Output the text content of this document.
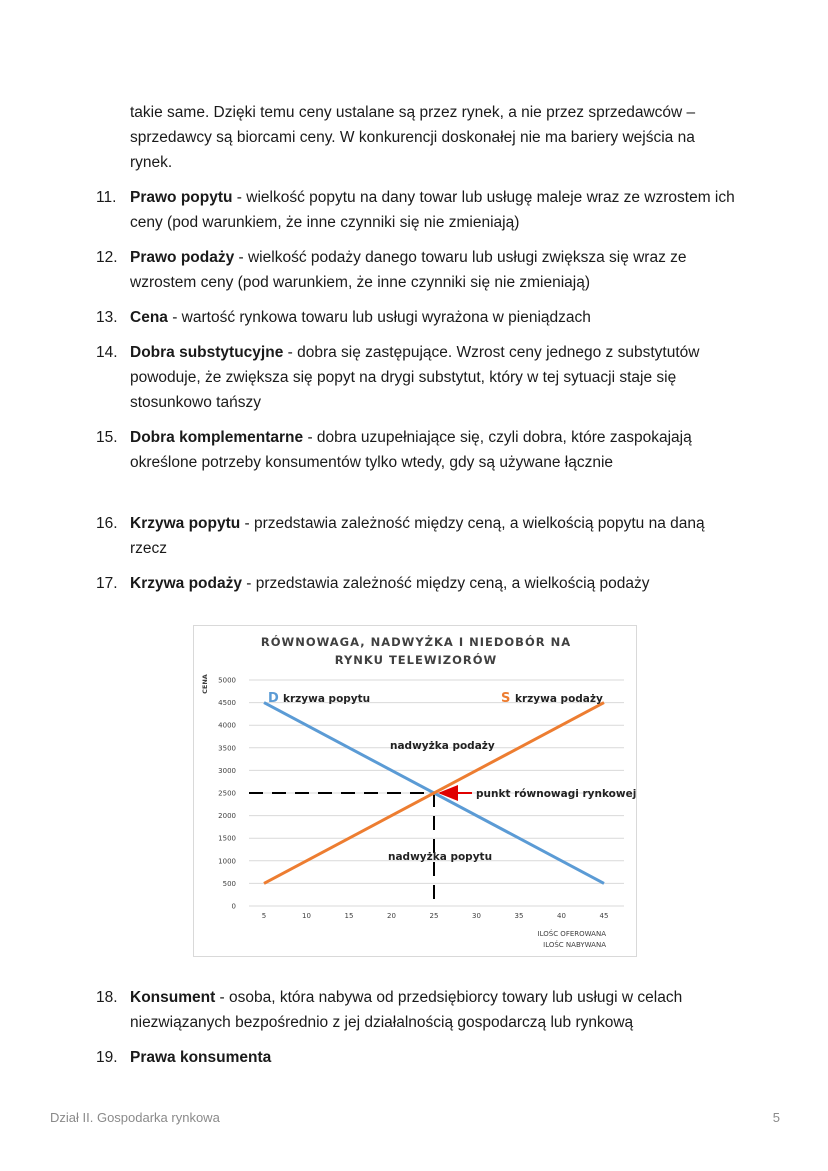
takie same. Dzięki temu ceny ustalane są przez rynek, a nie przez sprzedawców – sprzedawcy są biorcami ceny. W konkurencji doskonałej nie ma bariery wejścia na rynek.

11. Prawo popytu - wielkość popytu na dany towar lub usługę maleje wraz ze wzrostem ich ceny (pod warunkiem, że inne czynniki się nie zmieniają)
12. Prawo podaży - wielkość podaży danego towaru lub usługi zwiększa się wraz ze wzrostem ceny (pod warunkiem, że inne czynniki się nie zmieniają)
13. Cena - wartość rynkowa towaru lub usługi wyrażona w pieniądzach
14. Dobra substytucyjne - dobra się zastępujące. Wzrost ceny jednego z substytutów powoduje, że zwiększa się popyt na drygi substytut, który w tej sytuacji staje się stosunkowo tańszy
15. Dobra komplementarne - dobra uzupełniające się, czyli dobra, które zaspokajają określone potrzeby konsumentów tylko wtedy, gdy są używane łącznie
16. Krzywa popytu - przedstawia zależność między ceną, a wielkością popytu na daną rzecz
17. Krzywa podaży - przedstawia zależność między ceną, a wielkością podaży
18. Konsument - osoba, która nabywa od przedsiębiorcy towary lub usługi w celach niezwiązanych bezpośrednio z jej działalnością gospodarczą lub rynkową
19. Prawa konsumenta
RÓWNOWAGA, NADWYŻKA I NIEDOBÓR NA
RYNKU TELEWIZORÓW
CENA
0
500
1000
1500
2000
2500
3000
3500
4000
4500
5000
5	10	15	20	25	30	35	40	45
D krzywa popytu	S krzywa podaży
nadwyżka podaży
nadwyżka popytu
punkt równowagi rynkowej
ILOŚC OFEROWANA
ILOŚC NABYWANA
Dział II. Gospodarka rynkowa	5
